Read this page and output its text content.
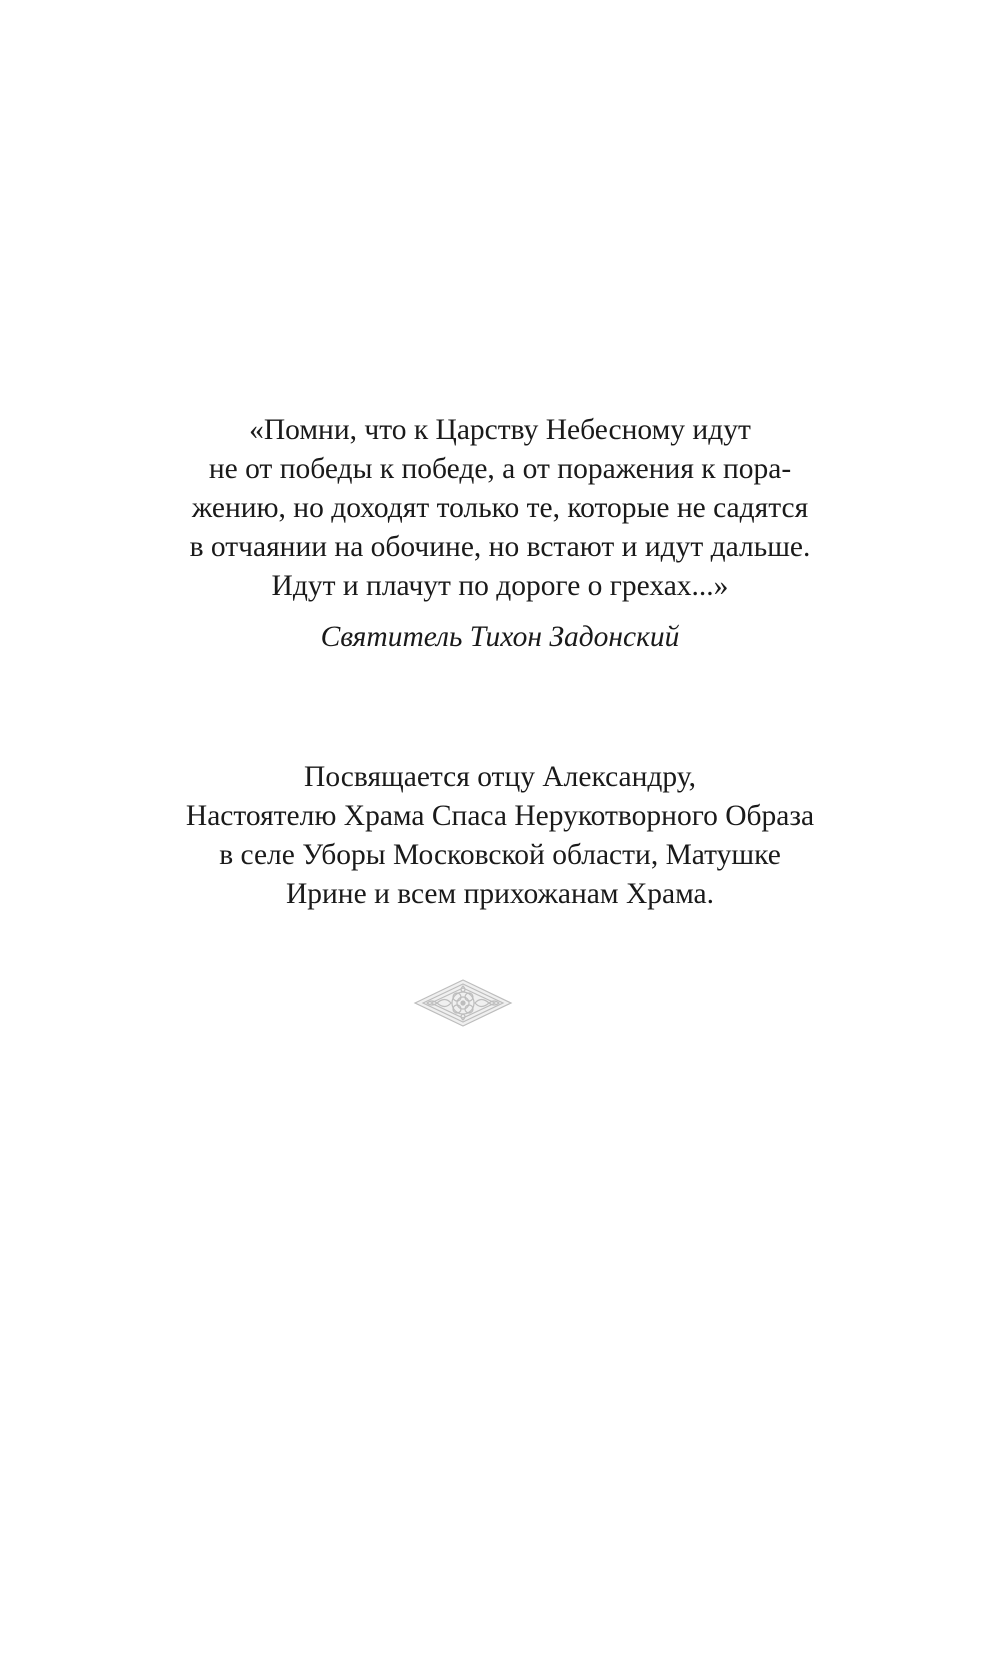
«Помни, что к Царству Небесному идут
не от победы к победе, а от поражения к пора-
жению, но доходят только те, которые не садятся
в отчаянии на обочине, но встают и идут дальше.
Идут и плачут по дороге о грехах...»
Святитель Тихон Задонский
Посвящается отцу Александру,
Настоятелю Храма Спаса Нерукотворного Образа
в селе Уборы Московской области, Матушке
Ирине и всем прихожанам Храма.
